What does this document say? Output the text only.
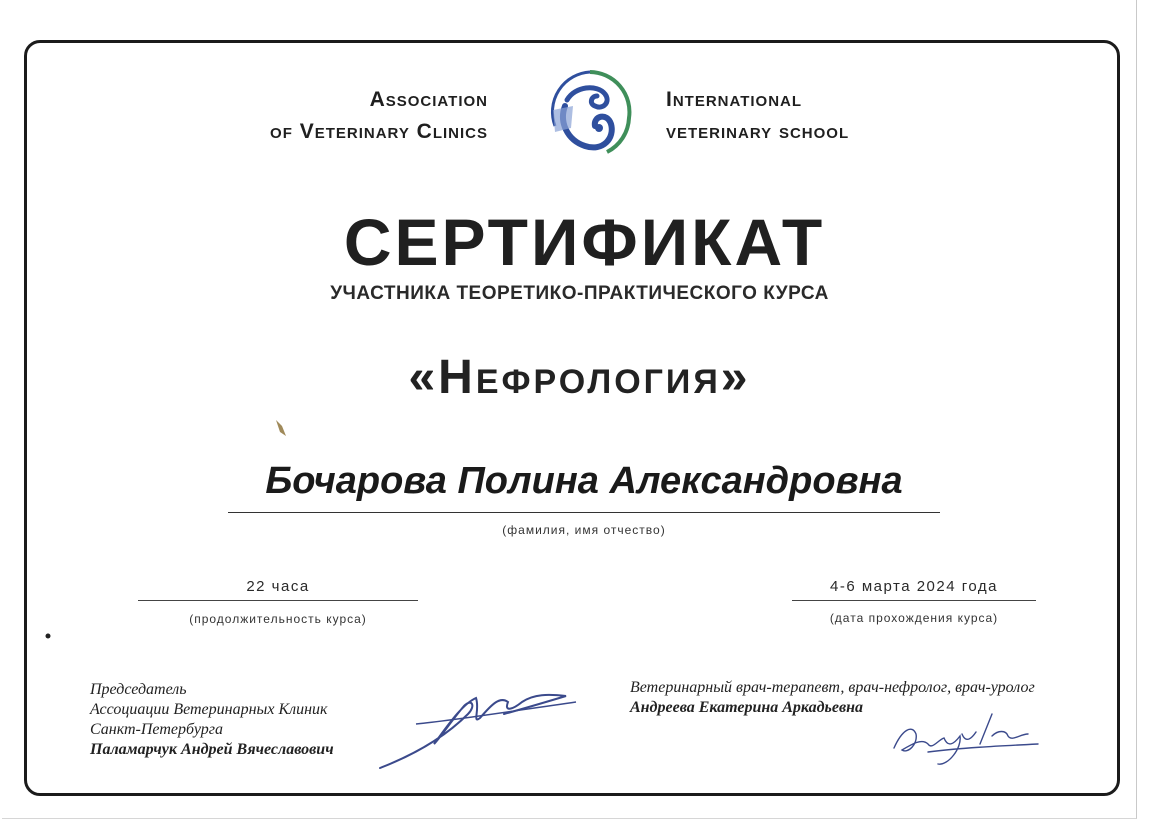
Association
of Veterinary Clinics
International
veterinary school
СЕРТИФИКАТ
УЧАСТНИКА ТЕОРЕТИКО-ПРАКТИЧЕСКОГО КУРСА
«Нефрология»
Бочарова Полина Александровна
(фамилия, имя отчество)
22 часа
(продолжительность курса)
4-6 марта 2024 года
(дата прохождения курса)
Председатель
Ассоциации Ветеринарных Клиник
Санкт-Петербурга
Паламарчук Андрей Вячеславович
Ветеринарный врач-терапевт, врач-нефролог, врач-уролог
Андреева Екатерина Аркадьевна
